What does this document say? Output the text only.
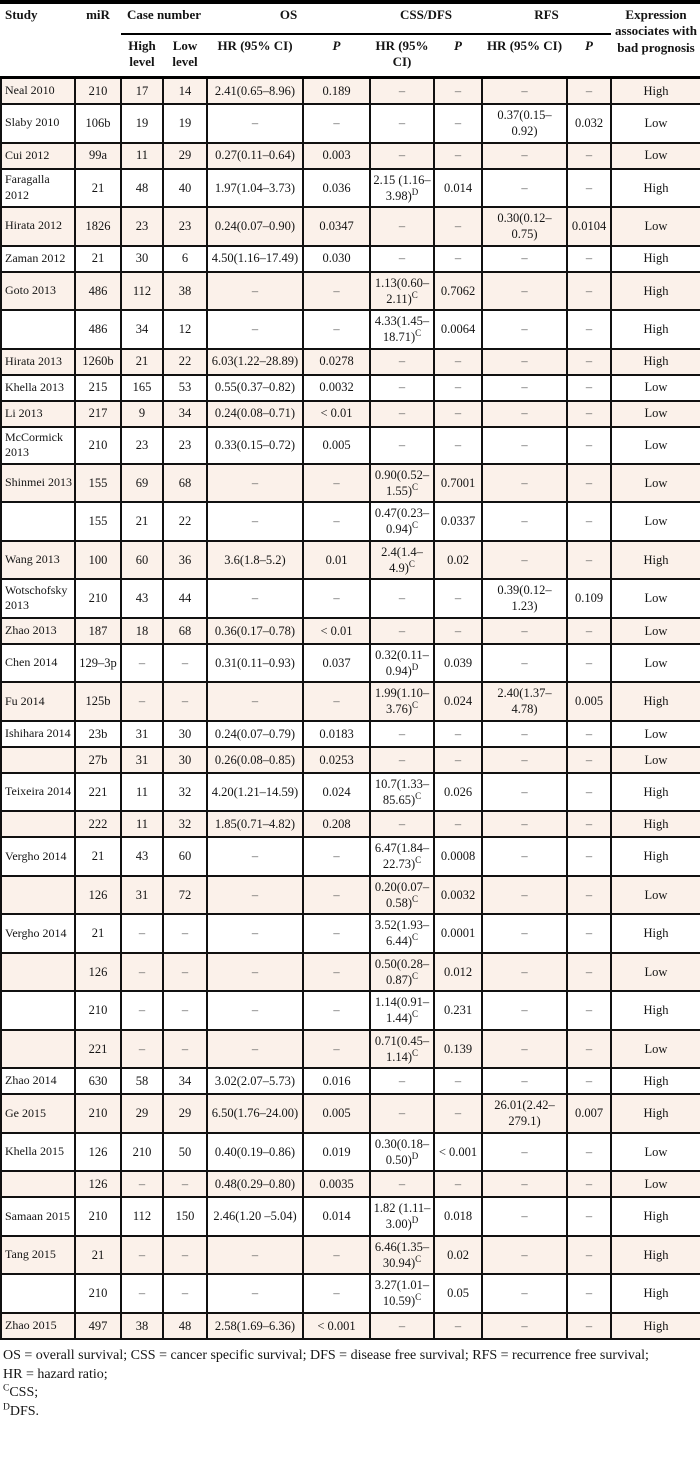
Study	miR	Case number		OS		CSS/DFS		RFS		Expression associates with bad prognosis
		High level	Low level	HR (95% CI)	P	HR (95% CI)	P	HR (95% CI)	P	
Neal 2010	210	17	14	2.41(0.65–8.96)	0.189	–	–	–	–	High
Slaby 2010	106b	19	19	–	–	–	–	0.37(0.15–0.92)	0.032	Low
Cui 2012	99a	11	29	0.27(0.11–0.64)	0.003	–	–	–	–	Low
Faragalla 2012	21	48	40	1.97(1.04–3.73)	0.036	2.15 $(1.16-3.98)^D$	0.014	–	–	High
Hirata 2012	1826	23	23	0.24(0.07–0.90)	0.0347	–	–	0.30(0.12–0.75)	0.0104	Low
Zaman 2012	21	30	6	4.50(1.16–17.49)	0.030	–	–	–	–	High
Goto 2013	486	112	38	–	–	$1.13(0.60-2.11)^C$	0.7062	–	–	High
	486	34	12	–	–	$4.33(1.45-18.71)^C$	0.0064	–	–	High
Hirata 2013	1260b	21	22	6.03(1.22–28.89)	0.0278	–	–	–	–	High
Khella 2013	215	165	53	0.55(0.37–0.82)	0.0032	–	–	–	–	Low
Li 2013	217	9	34	0.24(0.08–0.71)	< 0.01	–	–	–	–	Low
McCormick 2013	210	23	23	0.33(0.15–0.72)	0.005	–	–	–	–	Low
Shinmei 2013	155	69	68	–	–	$0.90(0.52-1.55)^C$	0.7001	–	–	Low
	155	21	22	–	–	$0.47(0.23-0.94)^C$	0.0337	–	–	Low
Wang 2013	100	60	36	3.6(1.8–5.2)	0.01	$2.4(1.4-4.9)^C$	0.02	–	–	High
Wotschofsky 2013	210	43	44	–	–	–	–	0.39(0.12–1.23)	0.109	Low
Zhao 2013	187	18	68	0.36(0.17–0.78)	< 0.01	–	–	–	–	Low
Chen 2014	129–3p	–	–	0.31(0.11–0.93)	0.037	$0.32(0.11-0.94)^D$	0.039	–	–	Low
Fu 2014	125b	–	–	–	–	$1.99(1.10-3.76)^C$	0.024	2.40(1.37–4.78)	0.005	High
Ishihara 2014	23b	31	30	0.24(0.07–0.79)	0.0183	–	–	–	–	Low
	27b	31	30	0.26(0.08–0.85)	0.0253	–	–	–	–	Low
Teixeira 2014	221	11	32	4.20(1.21–14.59)	0.024	$10.7(1.33-85.65)^C$	0.026	–	–	High
	222	11	32	1.85(0.71–4.82)	0.208	–	–	–	–	High
Vergho 2014	21	43	60	–	–	$6.47(1.84-22.73)^C$	0.0008	–	–	High
	126	31	72	–	–	$0.20(0.07-0.58)^C$	0.0032	–	–	Low
Vergho 2014	21	–	–	–	–	$3.52(1.93-6.44)^C$	0.0001	–	–	High
	126	–	–	–	–	$0.50(0.28-0.87)^C$	0.012	–	–	Low
	210	–	–	–	–	$1.14(0.91-1.44)^C$	0.231	–	–	High
	221	–	–	–	–	$0.71(0.45-1.14)^C$	0.139	–	–	Low
Zhao 2014	630	58	34	3.02(2.07–5.73)	0.016	–	–	–	–	High
Ge 2015	210	29	29	6.50(1.76–24.00)	0.005	–	–	26.01(2.42–279.1)	0.007	High
Khella 2015	126	210	50	0.40(0.19–0.86)	0.019	$0.30(0.18-0.50)^D$	< 0.001	–	–	Low
	126	–	–	0.48(0.29–0.80)	0.0035	–	–	–	–	Low
Samaan 2015	210	112	150	2.46(1.20 –5.04)	0.014	1.82 $(1.11-3.00)^D$	0.018	–	–	High
Tang 2015	21	–	–	–	–	$6.46(1.35-30.94)^C$	0.02	–	–	High
	210	–	–	–	–	$3.27(1.01-10.59)^C$	0.05	–	–	High
Zhao 2015	497	38	48	2.58(1.69–6.36)	< 0.001	–	–	–	–	High
OS = overall survival; CSS = cancer specific survival; DFS = disease free survival; RFS = recurrence free survival;
HR = hazard ratio;
$^C$CSS;
$^D$DFS.
